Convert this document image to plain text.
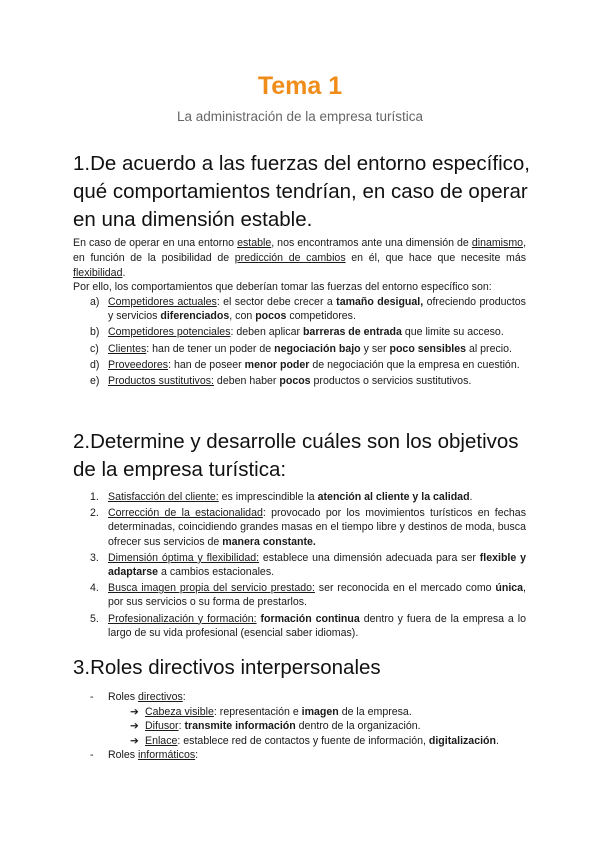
Tema 1

La administración de la empresa turística

1.De acuerdo a las fuerzas del entorno específico, qué comportamientos tendrían, en caso de operar en una dimensión estable.

En caso de operar en una entorno estable, nos encontramos ante una dimensión de dinamismo, en función de la posibilidad de predicción de cambios en él, que hace que necesite más flexibilidad.

Por ello, los comportamientos que deberían tomar las fuerzas del entorno específico son:

a) Competidores actuales: el sector debe crecer a tamaño desigual, ofreciendo productos y servicios diferenciados, con pocos competidores.
b) Competidores potenciales: deben aplicar barreras de entrada que limite su acceso.
c) Clientes: han de tener un poder de negociación bajo y ser poco sensibles al precio.
d) Proveedores: han de poseer menor poder de negociación que la empresa en cuestión.
e) Productos sustitutivos: deben haber pocos productos o servicios sustitutivos.
2.Determine y desarrolle cuáles son los objetivos de la empresa turística:
1. Satisfacción del cliente: es imprescindible la atención al cliente y la calidad.
2. Corrección de la estacionalidad: provocado por los movimientos turísticos en fechas determinadas, coincidiendo grandes masas en el tiempo libre y destinos de moda, busca ofrecer sus servicios de manera constante.
3. Dimensión óptima y flexibilidad: establece una dimensión adecuada para ser flexible y adaptarse a cambios estacionales.
4. Busca imagen propia del servicio prestado: ser reconocida en el mercado como única, por sus servicios o su forma de prestarlos.
5. Profesionalización y formación: formación continua dentro y fuera de la empresa a lo largo de su vida profesional (esencial saber idiomas).
3.Roles directivos interpersonales
- Roles directivos:
➔ Cabeza visible: representación e imagen de la empresa.
➔ Difusor: transmite información dentro de la organización.
➔ Enlace: establece red de contactos y fuente de información, digitalización.
- Roles informáticos:
